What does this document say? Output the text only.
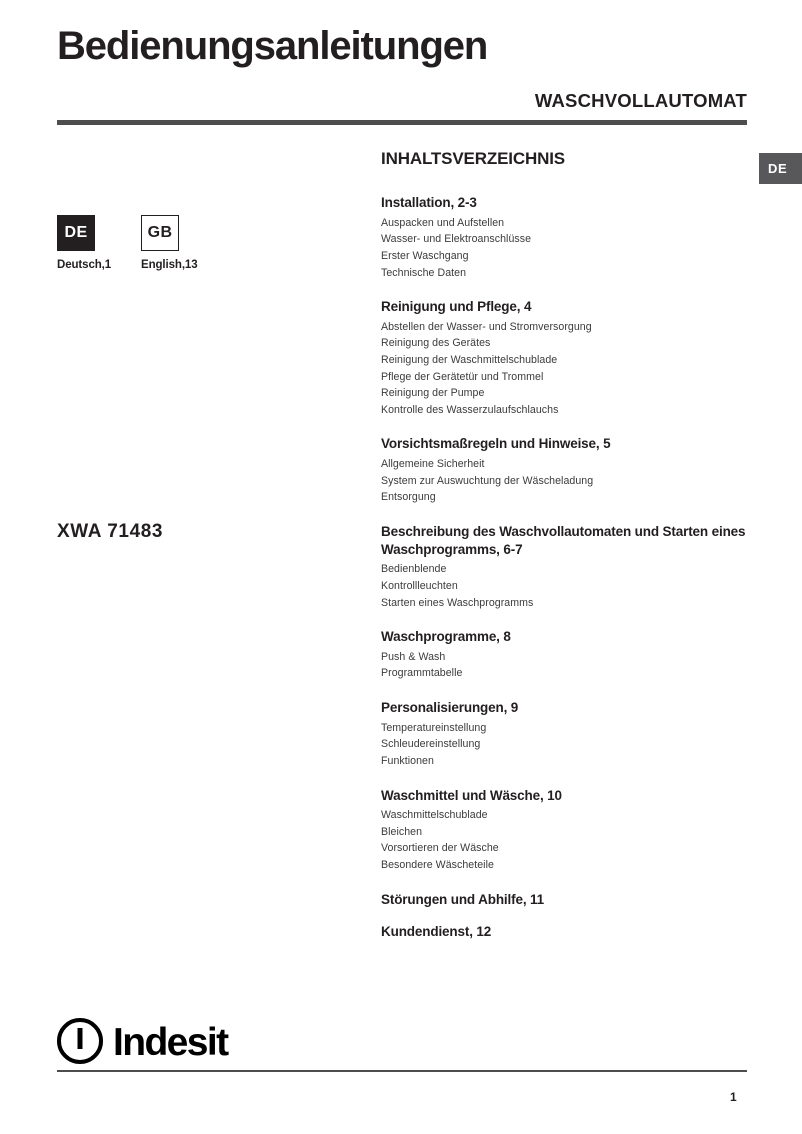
Bedienungsanleitungen
WASCHVOLLAUTOMAT
DE
DE
Deutsch,1
GB
English,13
XWA 71483
INHALTSVERZEICHNIS
Installation, 2-3
Auspacken und Aufstellen
Wasser- und Elektroanschlüsse
Erster Waschgang
Technische Daten
Reinigung und Pflege, 4
Abstellen der Wasser- und Stromversorgung
Reinigung des Gerätes
Reinigung der Waschmittelschublade
Pflege der Gerätetür und Trommel
Reinigung der Pumpe
Kontrolle des Wasserzulaufschlauchs
Vorsichtsmaßregeln und Hinweise, 5
Allgemeine Sicherheit
System zur Auswuchtung der Wäscheladung
Entsorgung
Beschreibung des Waschvollautomaten und Starten eines Waschprogramms, 6-7
Bedienblende
Kontrollleuchten
Starten eines Waschprogramms
Waschprogramme, 8
Push & Wash
Programmtabelle
Personalisierungen, 9
Temperatureinstellung
Schleudereinstellung
Funktionen
Waschmittel und Wäsche, 10
Waschmittelschublade
Bleichen
Vorsortieren der Wäsche
Besondere Wäscheteile
Störungen und Abhilfe, 11
Kundendienst, 12
Indesit
1
